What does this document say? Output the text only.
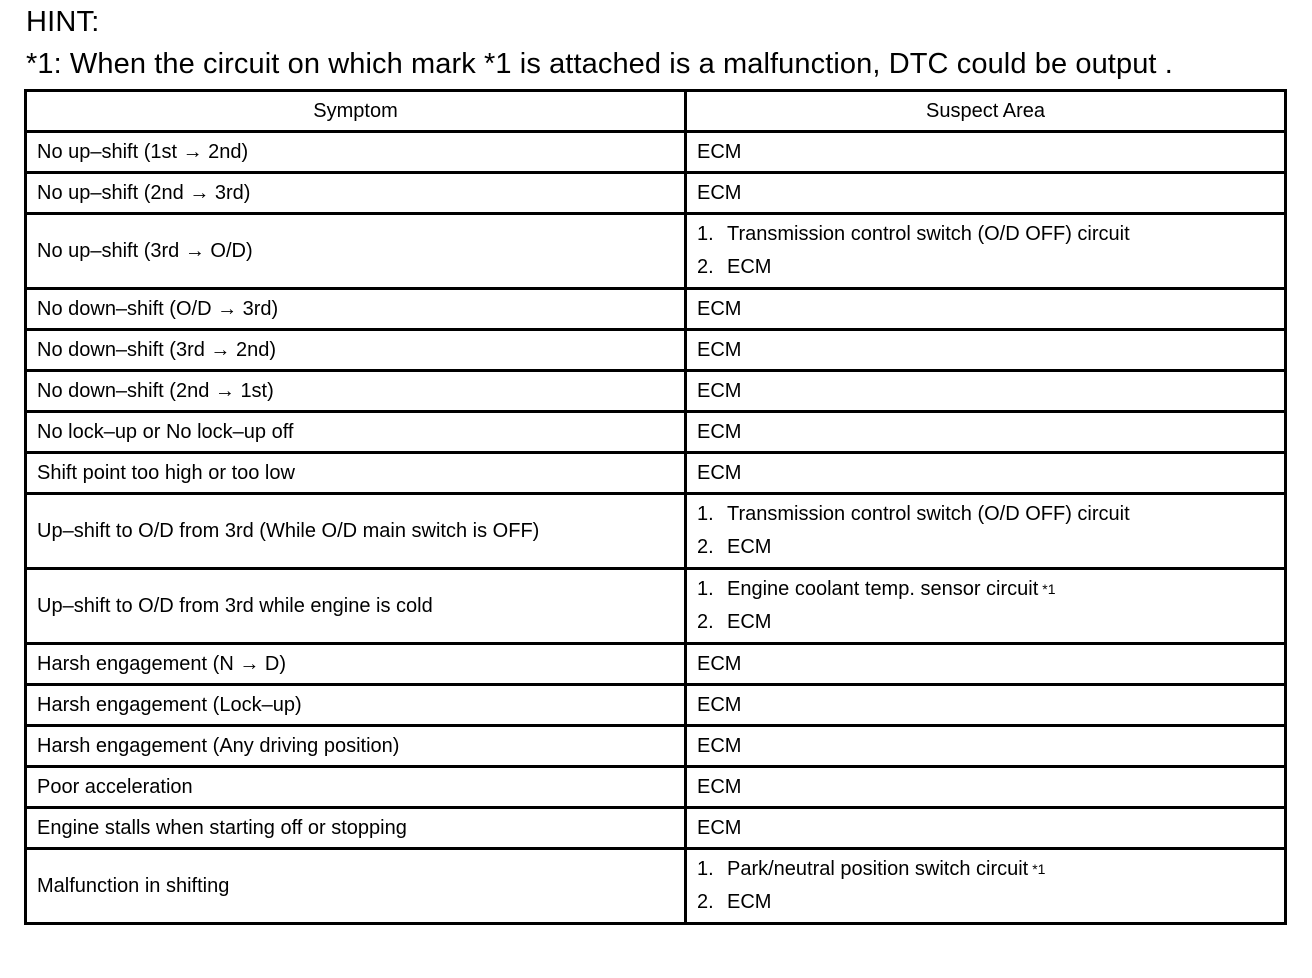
HINT:
*1: When the circuit on which mark *1 is attached is a malfunction, DTC could be output .
Symptom	Suspect Area
No up–shift (1st → 2nd)	ECM
No up–shift (2nd → 3rd)	ECM
No up–shift (3rd → O/D)	1. Transmission control switch (O/D OFF) circuit
2. ECM

No down–shift (O/D → 3rd)	ECM
No down–shift (3rd → 2nd)	ECM
No down–shift (2nd → 1st)	ECM
No lock–up or No lock–up off	ECM
Shift point too high or too low	ECM
Up–shift to O/D from 3rd (While O/D main switch is OFF)	1. Transmission control switch (O/D OFF) circuit
2. ECM

Up–shift to O/D from 3rd while engine is cold	1. Engine coolant temp. sensor circuit *1
2. ECM

Harsh engagement (N → D)	ECM
Harsh engagement (Lock–up)	ECM
Harsh engagement (Any driving position)	ECM
Poor acceleration	ECM
Engine stalls when starting off or stopping	ECM
Malfunction in shifting	1. Park/neutral position switch circuit *1
2. ECM
